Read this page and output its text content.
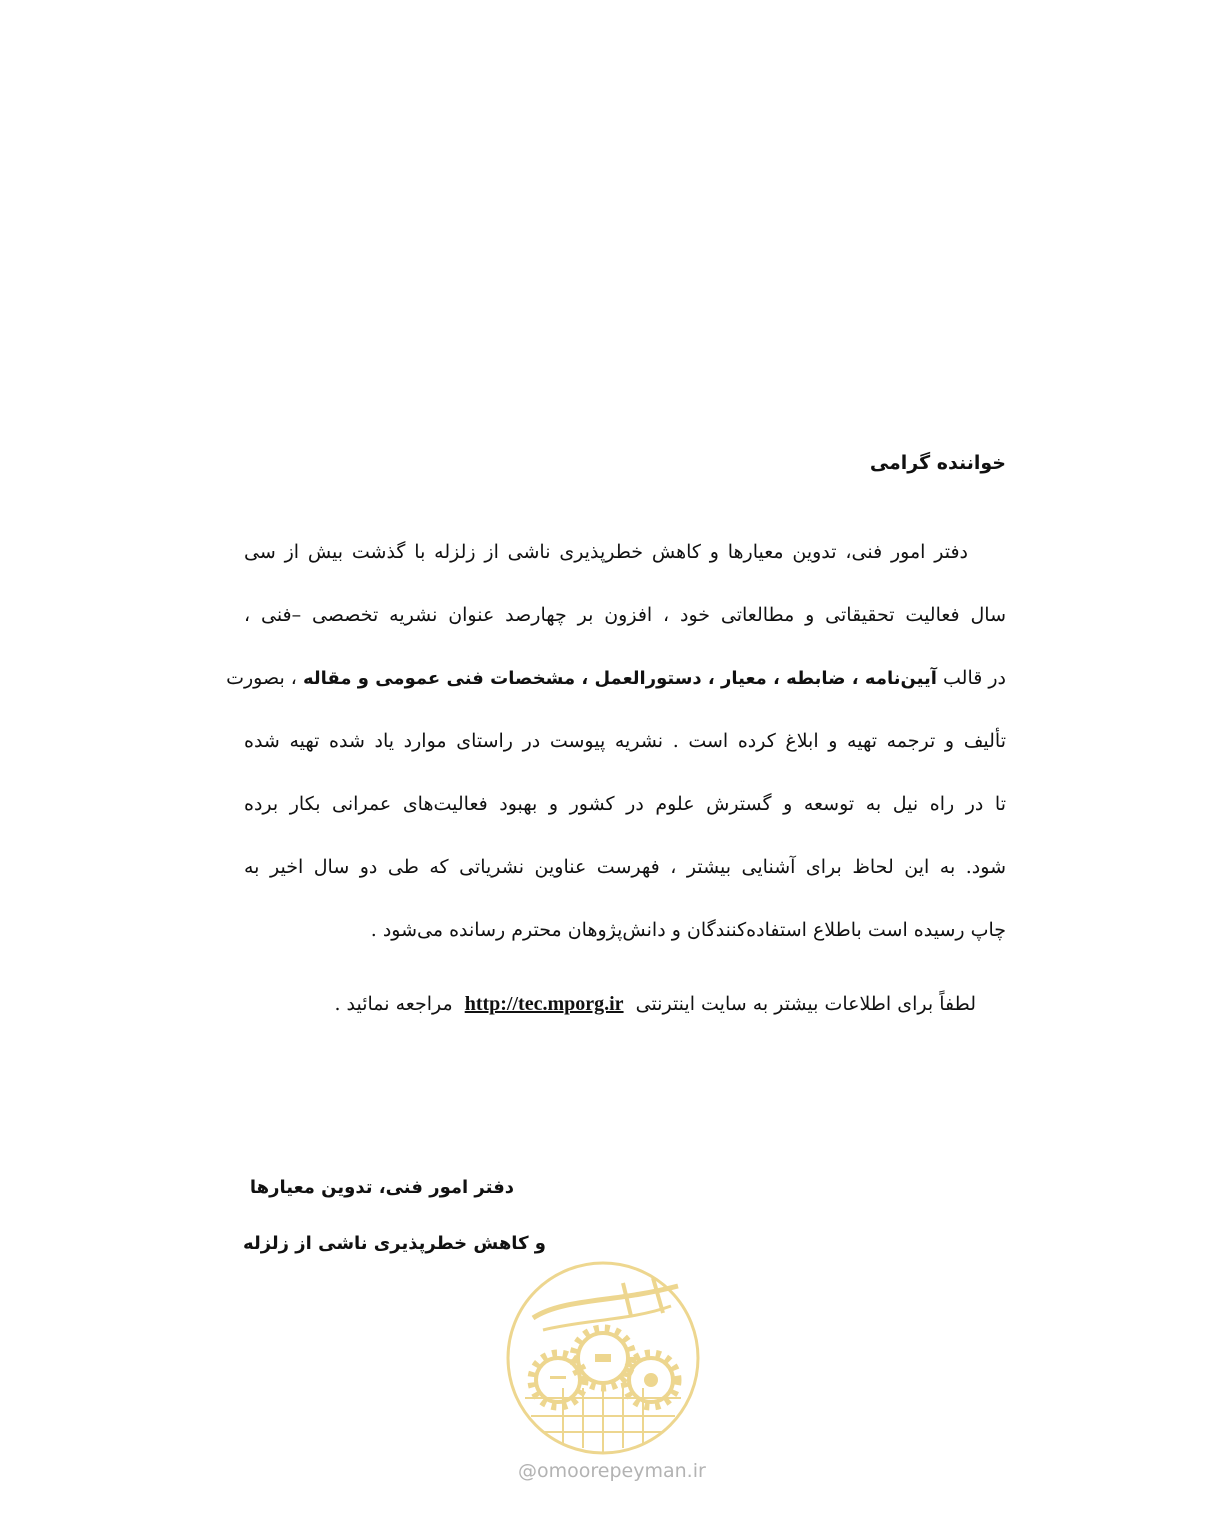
خواننده گرامی
دفتر امور فنی، تدوین معیارها و کاهش خطرپذیری ناشی از زلزله با گذشت بیش از سی
سال فعالیت تحقیقاتی و مطالعاتی خود ، افزون بر چهارصد عنوان نشریه تخصصی –فنی ،
در قالب آیین‌نامه ، ضابطه ، معیار ، دستورالعمل ، مشخصات فنی عمومی و مقاله ، بصورت
تألیف و ترجمه تهیه و ابلاغ کرده است . نشریه پیوست در راستای موارد یاد شده تهیه شده
تا در راه نیل به توسعه و گسترش علوم در کشور و بهبود فعالیت‌های عمرانی بکار برده
شود. به این لحاظ برای آشنایی بیشتر ، فهرست عناوین نشریاتی که طی دو سال اخیر به
چاپ رسیده است باطلاع استفاده‌کنندگان و دانش‌پژوهان محترم رسانده می‌شود .
لطفاً برای اطلاعات بیشتر به سایت اینترنتی http://tec.mporg.ir مراجعه نمائید .
دفتر امور فنی، تدوین معیارها
و کاهش خطرپذیری ناشی از زلزله
@omoorepeyman.ir
